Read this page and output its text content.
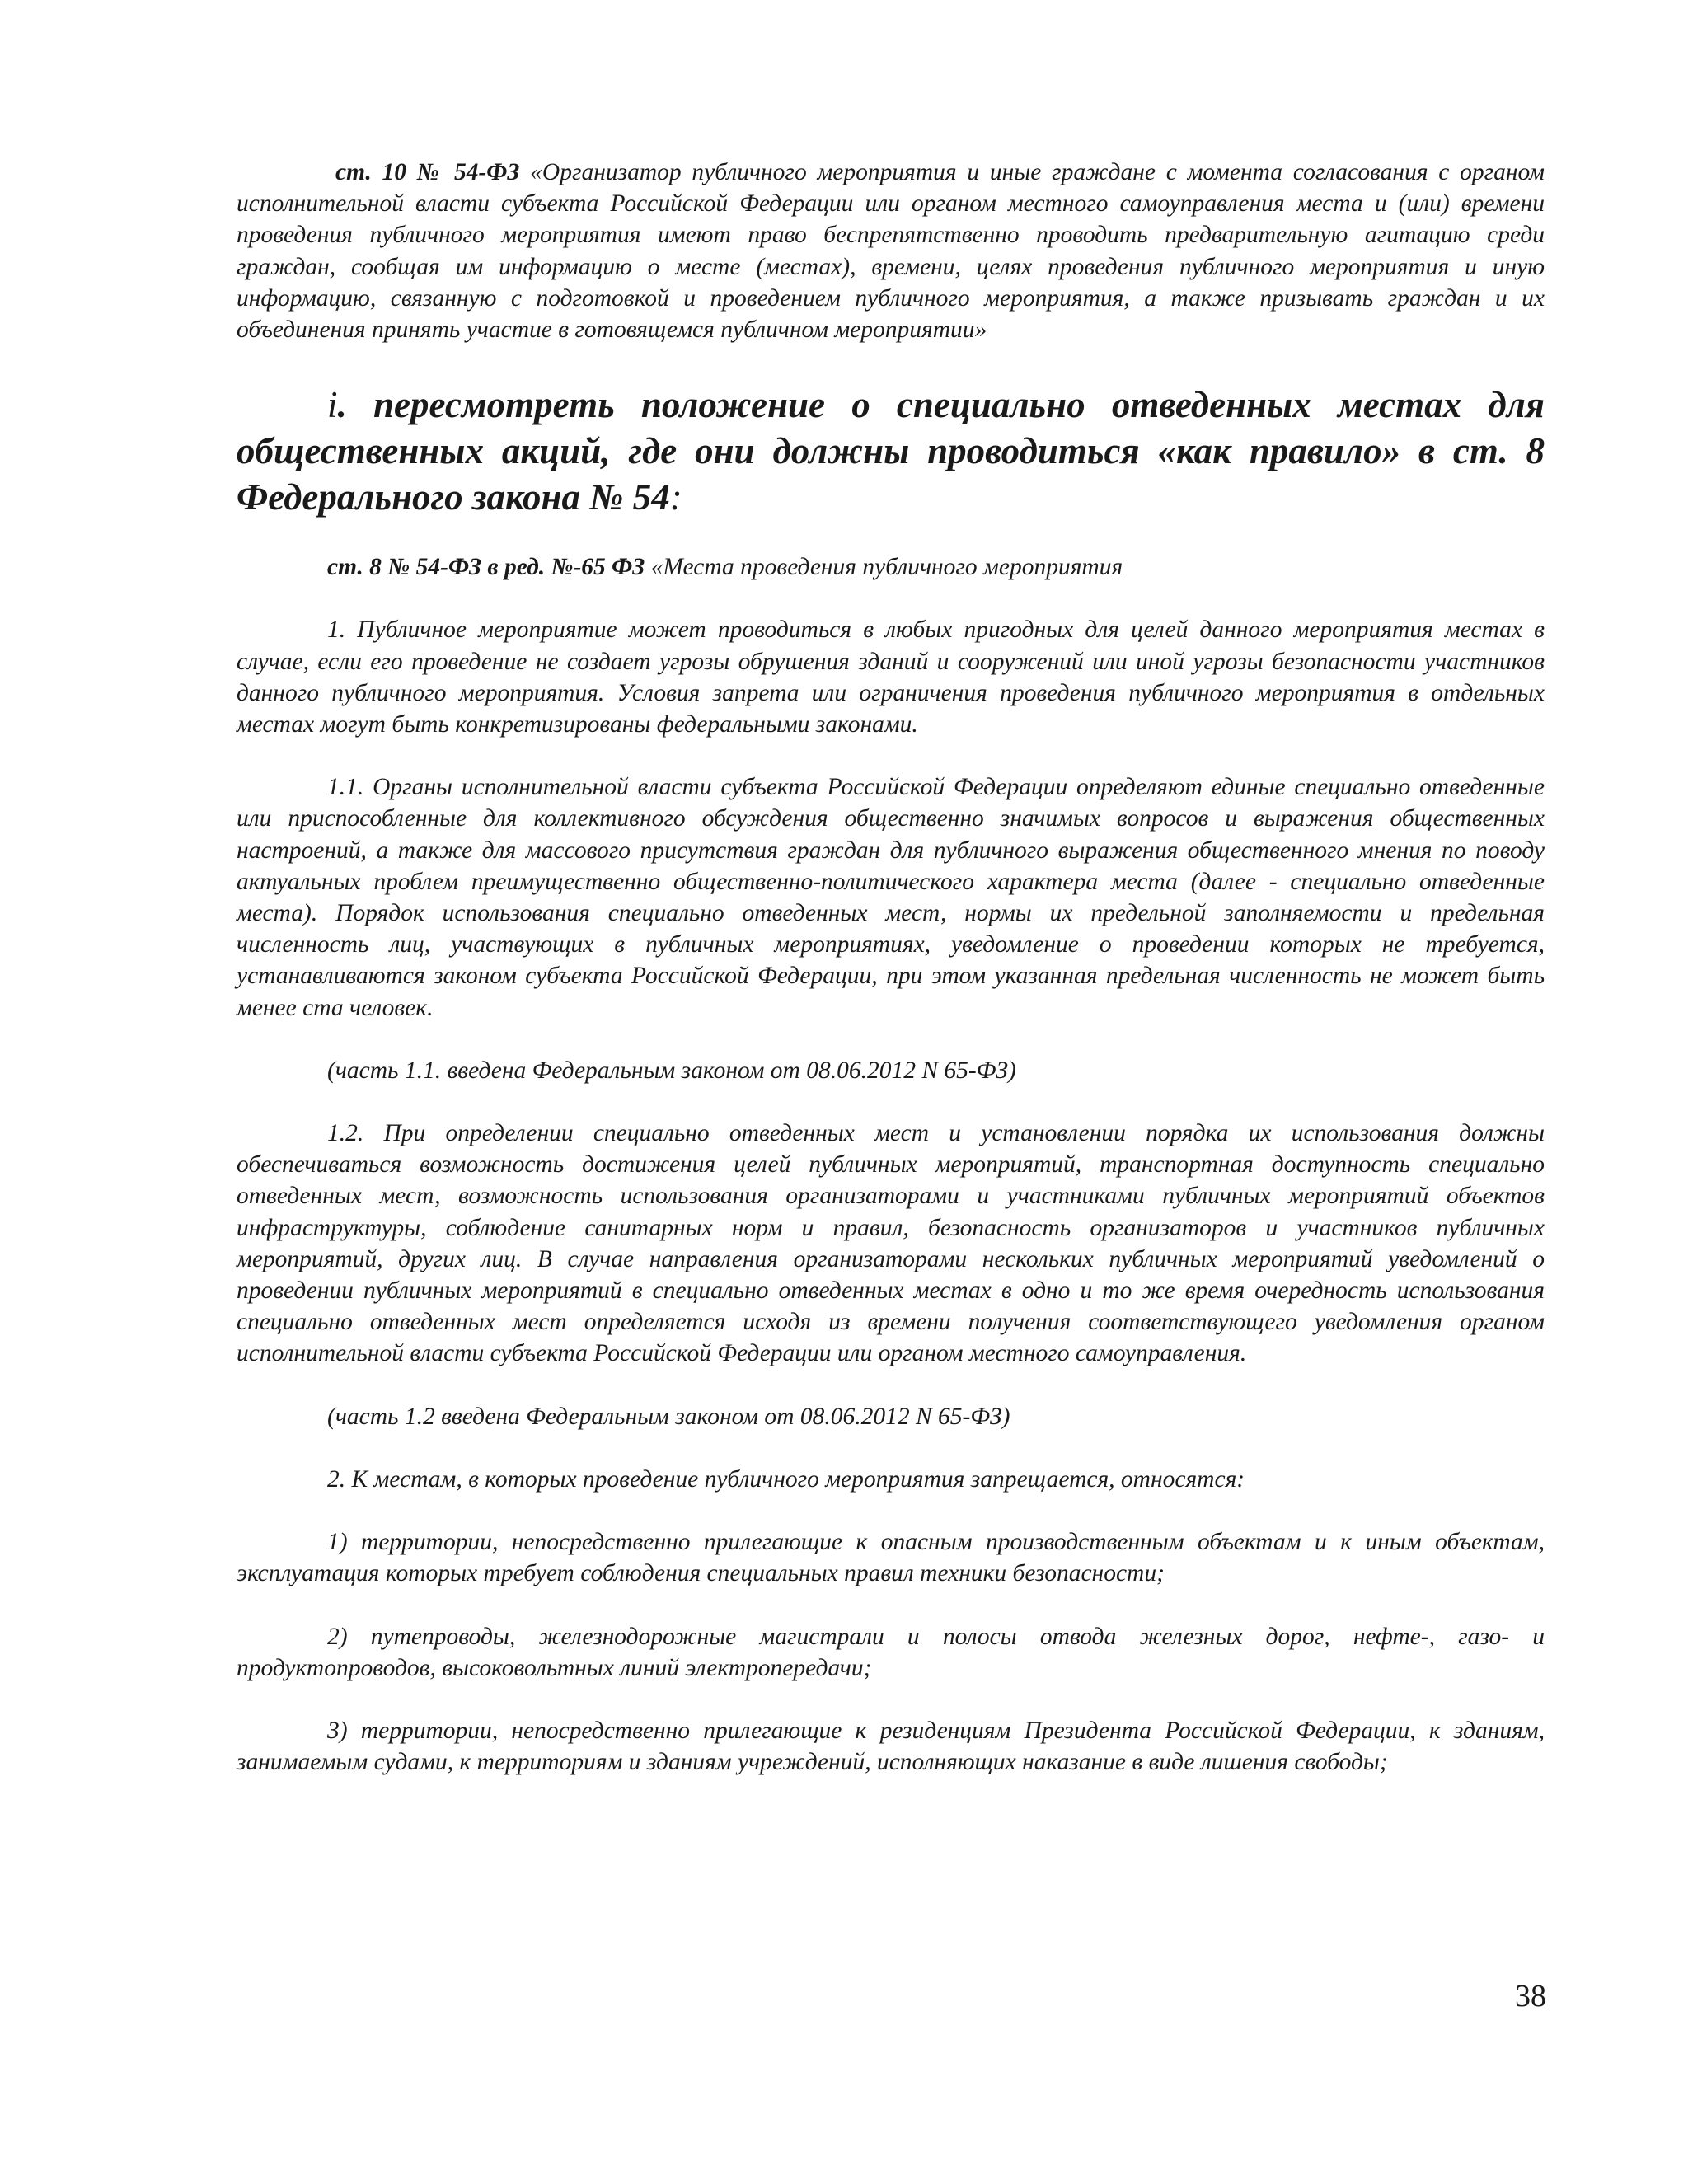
ст. 10 № 54-ФЗ «Организатор публичного мероприятия и иные граждане с момента согласования с органом исполнительной власти субъекта Российской Федерации или органом местного самоуправления места и (или) времени проведения публичного мероприятия имеют право беспрепятственно проводить предварительную агитацию среди граждан, сообщая им информацию о месте (местах), времени, целях проведения публичного мероприятия и иную информацию, связанную с подготовкой и проведением публичного мероприятия, а также призывать граждан и их объединения принять участие в готовящемся публичном мероприятии»

i. пересмотреть положение о специально отведенных местах для общественных акций, где они должны проводиться «как правило» в ст. 8 Федерального закона № 54:

ст. 8 № 54-ФЗ в ред. №-65 ФЗ «Места проведения публичного мероприятия

1. Публичное мероприятие может проводиться в любых пригодных для целей данного мероприятия местах в случае, если его проведение не создает угрозы обрушения зданий и сооружений или иной угрозы безопасности участников данного публичного мероприятия. Условия запрета или ограничения проведения публичного мероприятия в отдельных местах могут быть конкретизированы федеральными законами.

1.1. Органы исполнительной власти субъекта Российской Федерации определяют единые специально отведенные или приспособленные для коллективного обсуждения общественно значимых вопросов и выражения общественных настроений, а также для массового присутствия граждан для публичного выражения общественного мнения по поводу актуальных проблем преимущественно общественно-политического характера места (далее - специально отведенные места). Порядок использования специально отведенных мест, нормы их предельной заполняемости и предельная численность лиц, участвующих в публичных мероприятиях, уведомление о проведении которых не требуется, устанавливаются законом субъекта Российской Федерации, при этом указанная предельная численность не может быть менее ста человек.

(часть 1.1. введена Федеральным законом от 08.06.2012 N 65-ФЗ)

1.2. При определении специально отведенных мест и установлении порядка их использования должны обеспечиваться возможность достижения целей публичных мероприятий, транспортная доступность специально отведенных мест, возможность использования организаторами и участниками публичных мероприятий объектов инфраструктуры, соблюдение санитарных норм и правил, безопасность организаторов и участников публичных мероприятий, других лиц. В случае направления организаторами нескольких публичных мероприятий уведомлений о проведении публичных мероприятий в специально отведенных местах в одно и то же время очередность использования специально отведенных мест определяется исходя из времени получения соответствующего уведомления органом исполнительной власти субъекта Российской Федерации или органом местного самоуправления.

(часть 1.2 введена Федеральным законом от 08.06.2012 N 65-ФЗ)

2. К местам, в которых проведение публичного мероприятия запрещается, относятся:

1) территории, непосредственно прилегающие к опасным производственным объектам и к иным объектам, эксплуатация которых требует соблюдения специальных правил техники безопасности;

2) путепроводы, железнодорожные магистрали и полосы отвода железных дорог, нефте-, газо- и продуктопроводов, высоковольтных линий электропередачи;

3) территории, непосредственно прилегающие к резиденциям Президента Российской Федерации, к зданиям, занимаемым судами, к территориям и зданиям учреждений, исполняющих наказание в виде лишения свободы;

38
